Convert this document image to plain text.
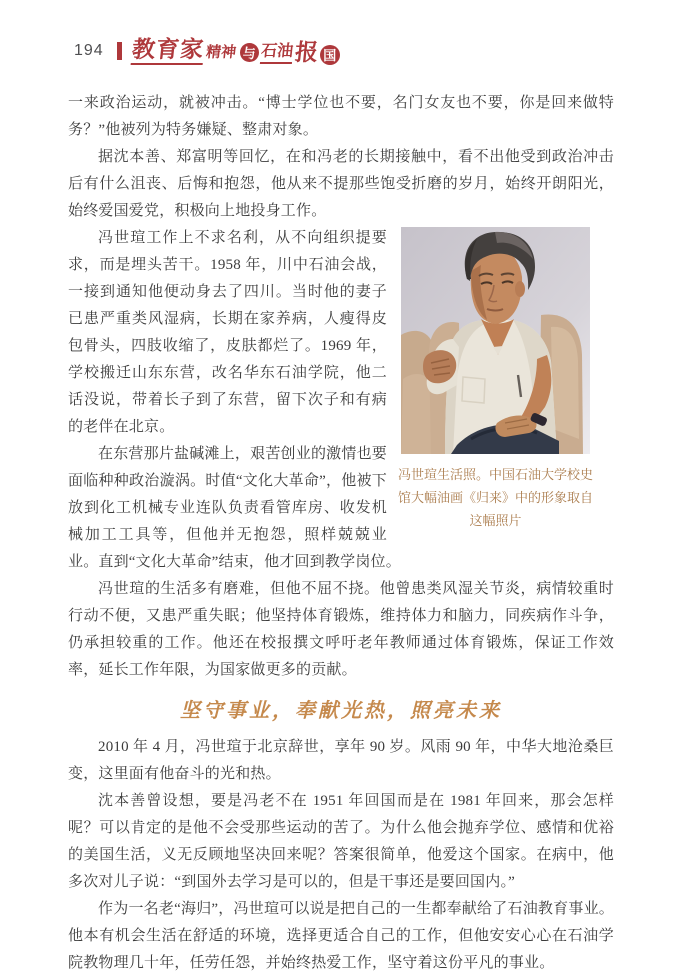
194 教育家 精神 与 石油 报 国

一来政治运动，就被冲击。“博士学位也不要，名门女友也不要，你是回来做特务？”他被列为特务嫌疑、整肃对象。

据沈本善、郑富明等回忆，在和冯老的长期接触中，看不出他受到政治冲击后有什么沮丧、后悔和抱怨，他从来不提那些饱受折磨的岁月，始终开朗阳光，始终爱国爱党，积极向上地投身工作。

冯世瑄生活照。中国石油大学校史馆大幅油画《归来》中的形象取自这幅照片

冯世瑄工作上不求名利，从不向组织提要求，而是埋头苦干。1958 年，川中石油会战，一接到通知他便动身去了四川。当时他的妻子已患严重类风湿病，长期在家养病，人瘦得皮包骨头，四肢收缩了，皮肤都烂了。1969 年，学校搬迁山东东营，改名华东石油学院，他二话没说，带着长子到了东营，留下次子和有病的老伴在北京。

在东营那片盐碱滩上，艰苦创业的激情也要面临种种政治漩涡。时值“文化大革命”，他被下放到化工机械专业连队负责看管库房、收发机械加工工具等，但他并无抱怨，照样兢兢业业。直到“文化大革命”结束，他才回到教学岗位。

冯世瑄的生活多有磨难，但他不屈不挠。他曾患类风湿关节炎，病情较重时行动不便，又患严重失眠；他坚持体育锻炼，维持体力和脑力，同疾病作斗争，仍承担较重的工作。他还在校报撰文呼吁老年教师通过体育锻炼，保证工作效率，延长工作年限，为国家做更多的贡献。

坚守事业，奉献光热，照亮未来

2010 年 4 月，冯世瑄于北京辞世，享年 90 岁。风雨 90 年，中华大地沧桑巨变，这里面有他奋斗的光和热。

沈本善曾设想，要是冯老不在 1951 年回国而是在 1981 年回来，那会怎样呢？可以肯定的是他不会受那些运动的苦了。为什么他会抛弃学位、感情和优裕的美国生活，义无反顾地坚决回来呢？答案很简单，他爱这个国家。在病中，他多次对儿子说：“到国外去学习是可以的，但是干事还是要回国内。”

作为一名老“海归”，冯世瑄可以说是把自己的一生都奉献给了石油教育事业。他本有机会生活在舒适的环境，选择更适合自己的工作，但他安安心心在石油学院教物理几十年，任劳任怨，并始终热爱工作，坚守着这份平凡的事业。
